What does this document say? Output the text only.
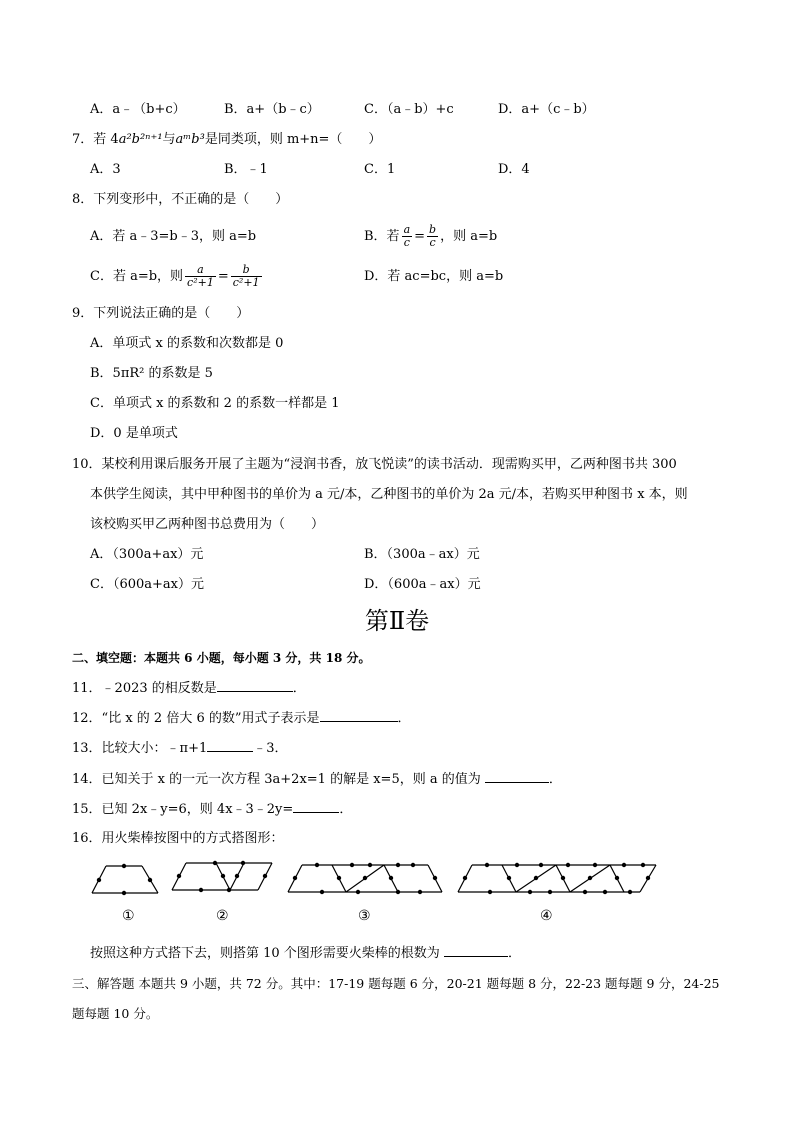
A．a﹣（b+c）	B．a+（b﹣c）	C．（a﹣b）+c	D．a+（c﹣b）
7．若 4a²b²ⁿ⁺¹与aᵐb³是同类项，则 m+n=（　　）
A．3	B．﹣1	C．1	D．4
8．下列变形中，不正确的是（　　）
A．若 a﹣3=b﹣3，则 a=b	B．若 $\frac{a}{c} = \frac{b}{c}$ ，则 a=b
C．若 a=b，则 $\frac{a}{\text{c²+1}} = \frac{b}{\text{c²+1}}$	D．若 ac=bc，则 a=b
9．下列说法正确的是（　　）
A．单项式 x 的系数和次数都是 0
B．5πR² 的系数是 5
C．单项式 x 的系数和 2 的系数一样都是 1
D．0 是单项式
10．某校利用课后服务开展了主题为“浸润书香，放飞悦读”的读书活动．现需购买甲，乙两种图书共 300
本供学生阅读，其中甲种图书的单价为 a 元/本，乙种图书的单价为 2a 元/本，若购买甲种图书 x 本，则
该校购买甲乙两种图书总费用为（　　）
A．（300a+ax）元	B．（300a﹣ax）元
C．（600a+ax）元	D．（600a﹣ax）元
第Ⅱ卷
二、填空题：本题共 6 小题，每小题 3 分，共 18 分。
11．﹣2023 的相反数是	．
12．“比 x 的 2 倍大 6 的数”用式子表示是	．
13．比较大小：﹣π+1	﹣3．
14．已知关于 x 的一元一次方程 3a+2x=1 的解是 x=5，则 a 的值为	．
15．已知 2x﹣y=6，则 4x﹣3﹣2y=	．
16．用火柴棒按图中的方式搭图形：
①	②	③	④
按照这种方式搭下去，则搭第 10 个图形需要火柴棒的根数为	．
三、解答题 本题共 9 小题，共 72 分。其中：17-19 题每题 6 分，20-21 题每题 8 分，22-23 题每题 9 分，24-25
题每题 10 分。
